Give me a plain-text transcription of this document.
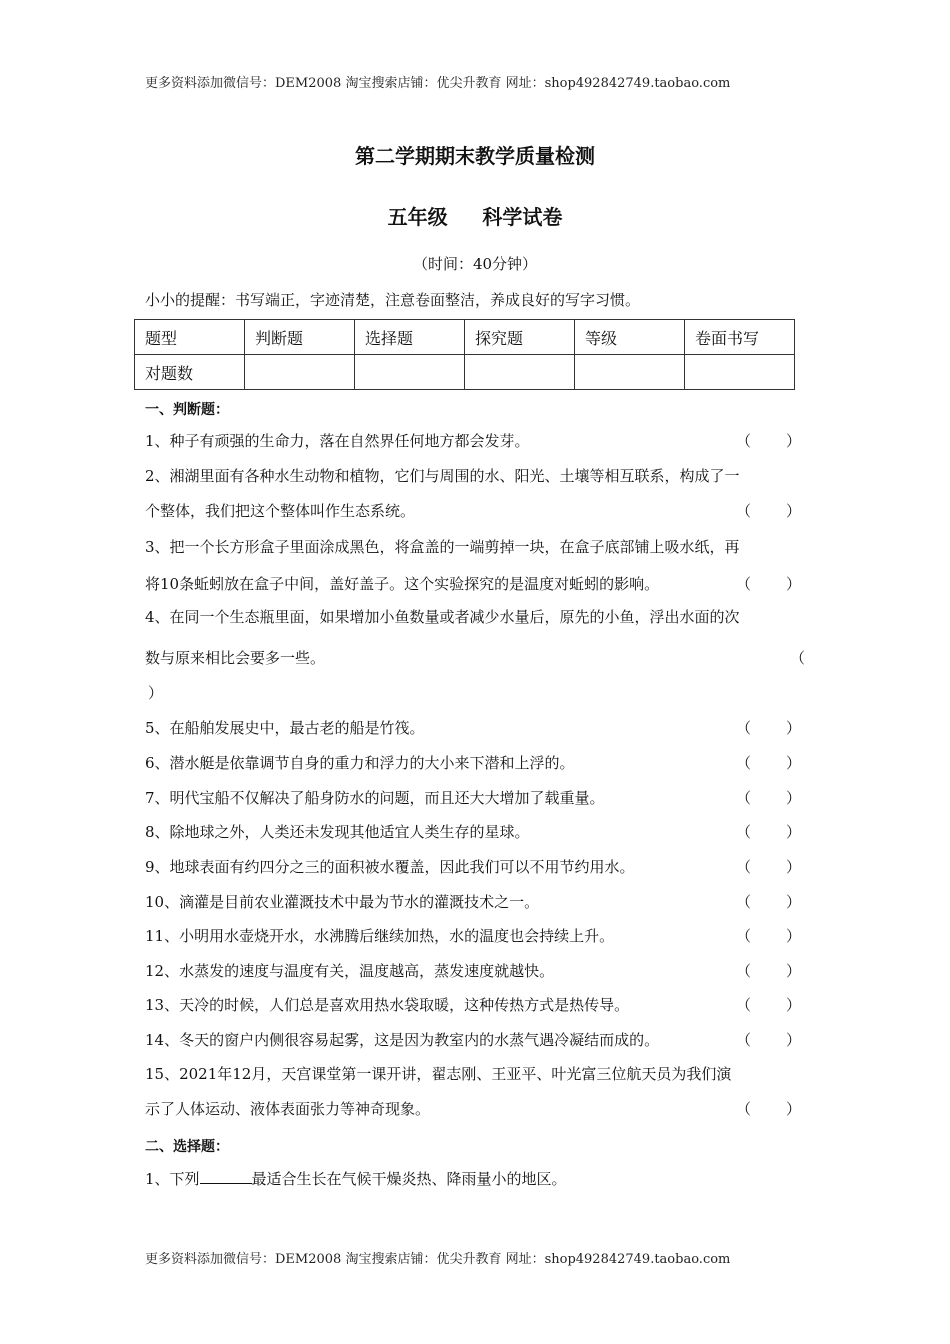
更多资料添加微信号：DEM2008 淘宝搜索店铺：优尖升教育 网址：shop492842749.taobao.com
第二学期期末教学质量检测
五年级     科学试卷
（时间：40分钟）
小小的提醒：书写端正，字迹清楚，注意卷面整洁，养成良好的写字习惯。
题型	判断题	选择题	探究题	等级	卷面书写
对题数					
一、判断题：
1、种子有顽强的生命力，落在自然界任何地方都会发芽。	（ ）
2、湘湖里面有各种水生动物和植物，它们与周围的水、阳光、土壤等相互联系，构成了一
个整体，我们把这个整体叫作生态系统。	（ ）
3、把一个长方形盒子里面涂成黑色，将盒盖的一端剪掉一块，在盒子底部铺上吸水纸，再
将10条蚯蚓放在盒子中间，盖好盖子。这个实验探究的是温度对蚯蚓的影响。	（ ）
4、在同一个生态瓶里面，如果增加小鱼数量或者减少水量后，原先的小鱼，浮出水面的次
数与原来相比会要多一些。
5、在船舶发展史中，最古老的船是竹筏。	（ ）
6、潜水艇是依靠调节自身的重力和浮力的大小来下潜和上浮的。	（ ）
7、明代宝船不仅解决了船身防水的问题，而且还大大增加了载重量。	（ ）
8、除地球之外，人类还未发现其他适宜人类生存的星球。	（ ）
9、地球表面有约四分之三的面积被水覆盖，因此我们可以不用节约用水。	（ ）
10、滴灌是目前农业灌溉技术中最为节水的灌溉技术之一。	（ ）
11、小明用水壶烧开水，水沸腾后继续加热，水的温度也会持续上升。	（ ）
12、水蒸发的速度与温度有关，温度越高，蒸发速度就越快。	（ ）
13、天冷的时候，人们总是喜欢用热水袋取暖，这种传热方式是热传导。	（ ）
14、冬天的窗户内侧很容易起雾，这是因为教室内的水蒸气遇冷凝结而成的。	（ ）
15、2021年12月，天宫课堂第一课开讲，翟志刚、王亚平、叶光富三位航天员为我们演
示了人体运动、液体表面张力等神奇现象。	（ ）
（
）
二、选择题：
1、下列	最适合生长在气候干燥炎热、降雨量小的地区。
更多资料添加微信号：DEM2008 淘宝搜索店铺：优尖升教育 网址：shop492842749.taobao.com
